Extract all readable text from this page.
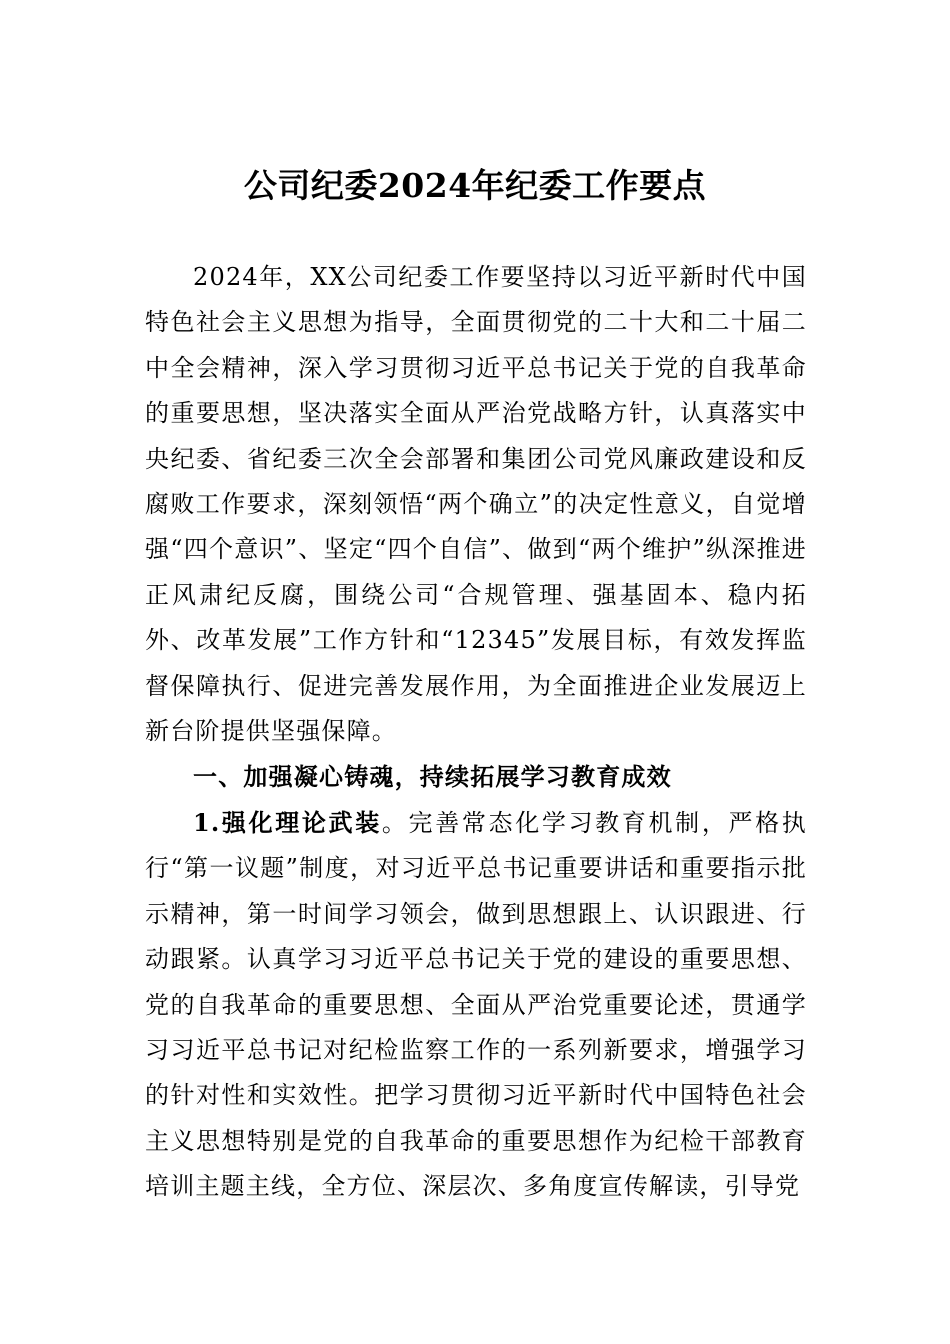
公司纪委2024年纪委工作要点

2024年，XX公司纪委工作要坚持以习近平新时代中国特色社会主义思想为指导，全面贯彻党的二十大和二十届二中全会精神，深入学习贯彻习近平总书记关于党的自我革命的重要思想，坚决落实全面从严治党战略方针，认真落实中央纪委、省纪委三次全会部署和集团公司党风廉政建设和反腐败工作要求，深刻领悟“两个确立”的决定性意义，自觉增强“四个意识”、坚定“四个自信”、做到“两个维护”纵深推进正风肃纪反腐，围绕公司“合规管理、强基固本、稳内拓外、改革发展”工作方针和“12345”发展目标，有效发挥监督保障执行、促进完善发展作用，为全面推进企业发展迈上新台阶提供坚强保障。

一、加强凝心铸魂，持续拓展学习教育成效

1.强化理论武装。完善常态化学习教育机制，严格执行“第一议题”制度，对习近平总书记重要讲话和重要指示批示精神，第一时间学习领会，做到思想跟上、认识跟进、行动跟紧。认真学习习近平总书记关于党的建设的重要思想、党的自我革命的重要思想、全面从严治党重要论述，贯通学习习近平总书记对纪检监察工作的一系列新要求，增强学习的针对性和实效性。把学习贯彻习近平新时代中国特色社会主义思想特别是党的自我革命的重要思想作为纪检干部教育培训主题主线，全方位、深层次、多角度宣传解读，引导党
